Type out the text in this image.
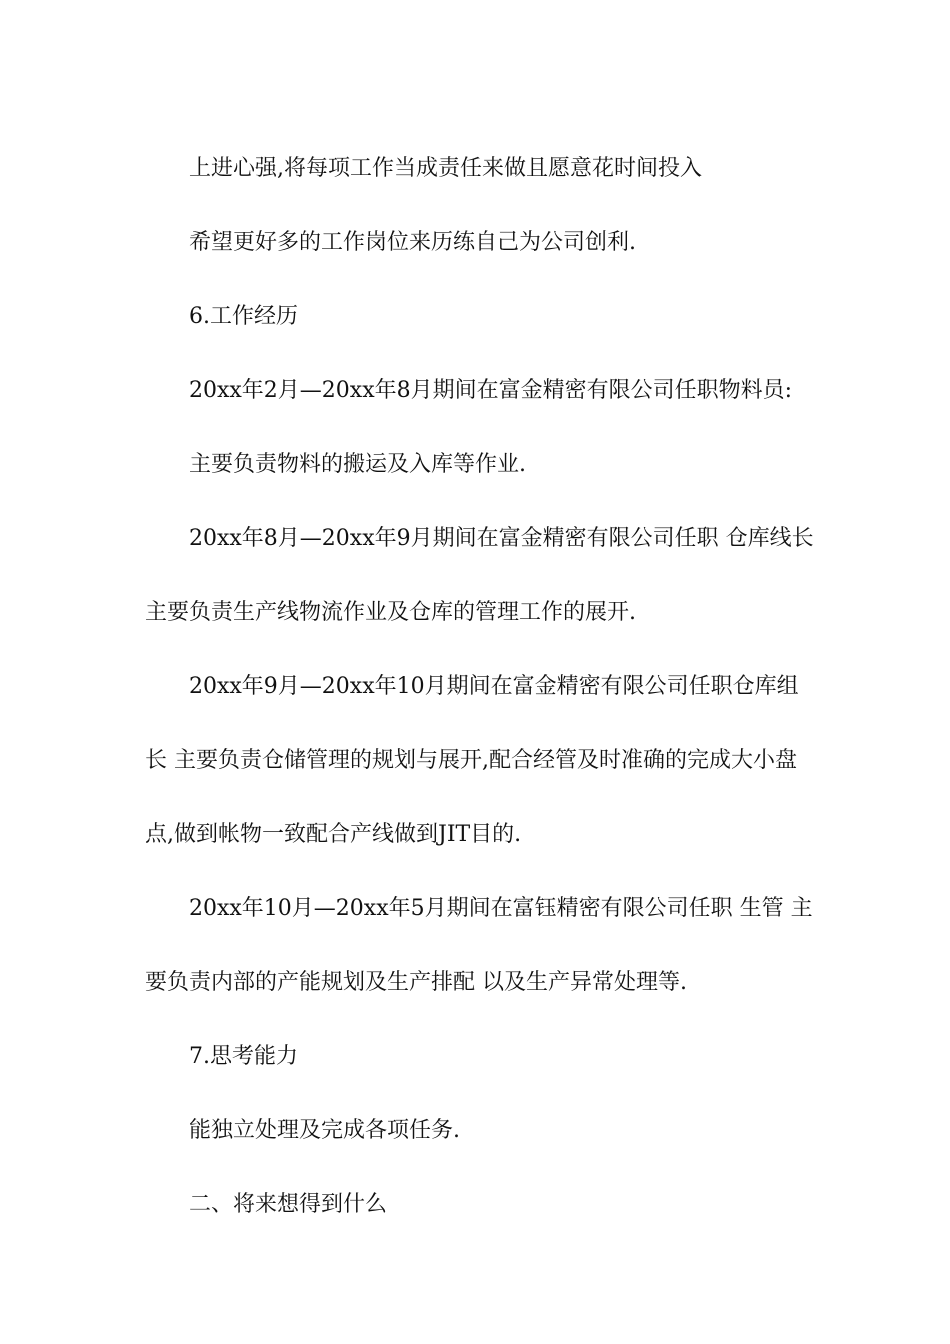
上进心强,将每项工作当成责任来做且愿意花时间投入

希望更好多的工作岗位来历练自己为公司创利.

6.工作经历

20xx年2月—20xx年8月期间在富金精密有限公司任职物料员:

主要负责物料的搬运及入库等作业.

20xx年8月—20xx年9月期间在富金精密有限公司任职 仓库线长 主要负责生产线物流作业及仓库的管理工作的展开.

20xx年9月—20xx年10月期间在富金精密有限公司任职仓库组长 主要负责仓储管理的规划与展开,配合经管及时准确的完成大小盘点,做到帐物一致配合产线做到JIT目的.

20xx年10月—20xx年5月期间在富钰精密有限公司任职 生管 主要负责内部的产能规划及生产排配 以及生产异常处理等.

7.思考能力

能独立处理及完成各项任务.

二、将来想得到什么
